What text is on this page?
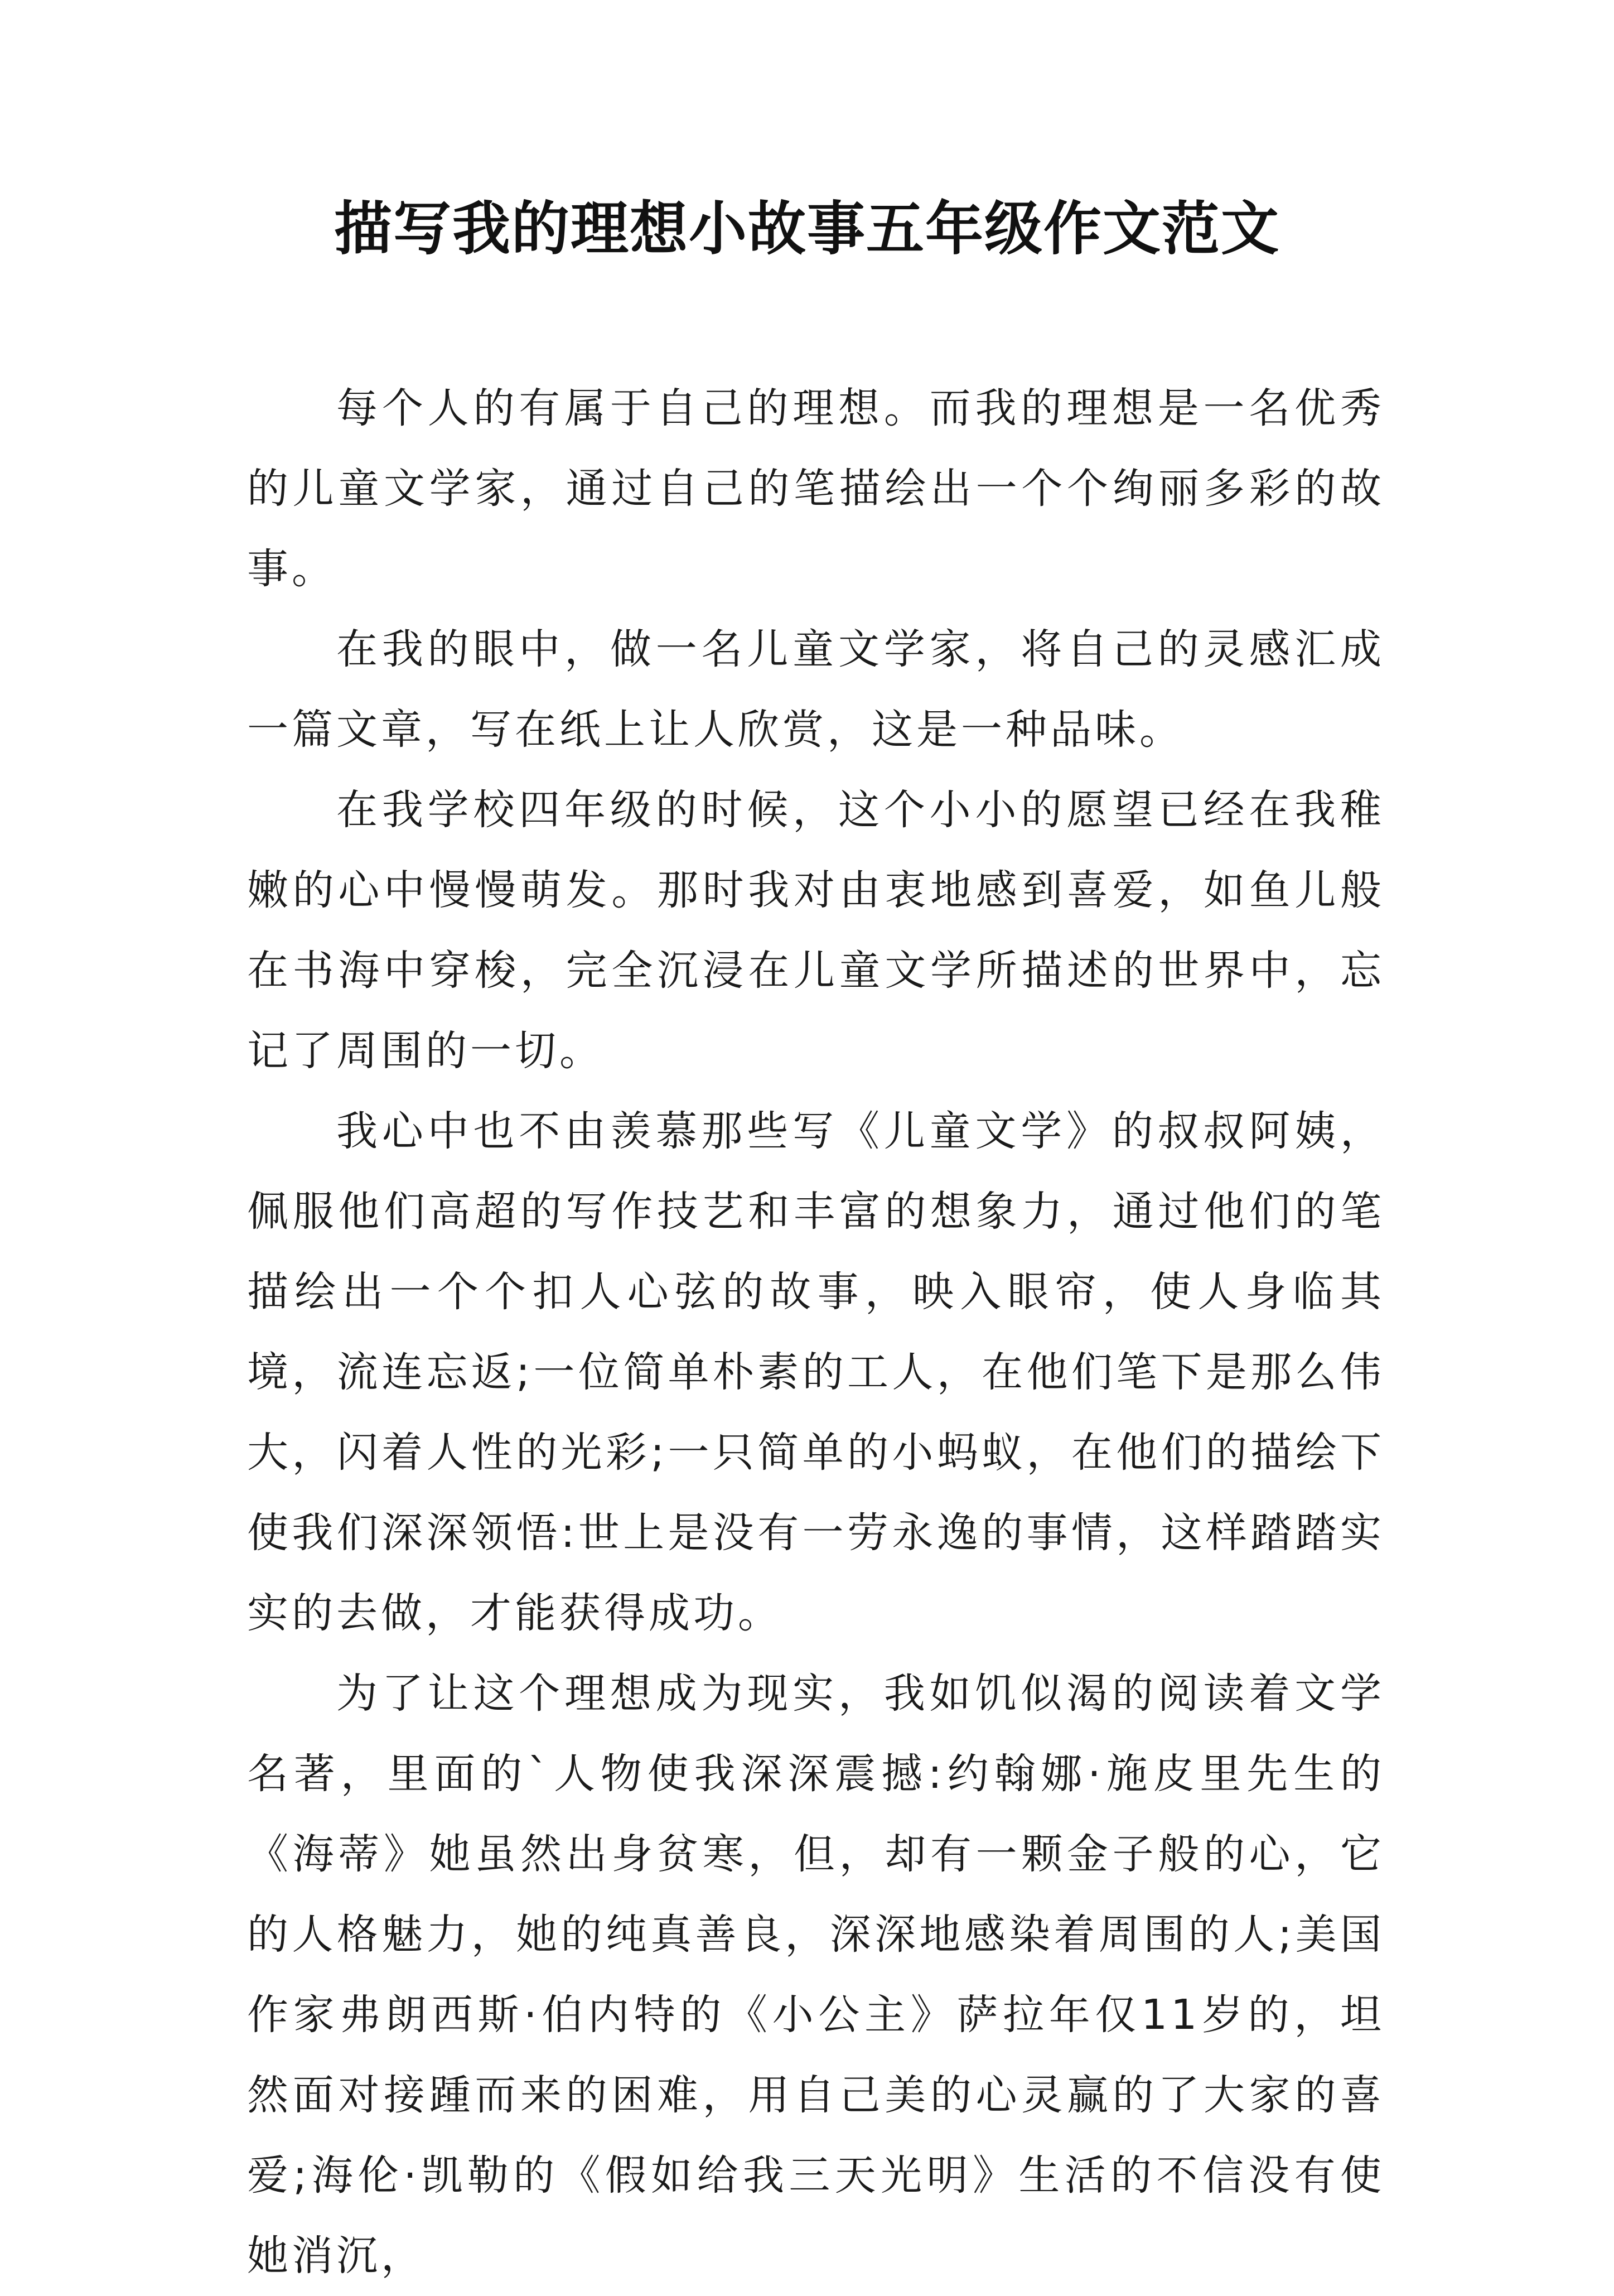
描写我的理想小故事五年级作文范文

每个人的有属于自己的理想。而我的理想是一名优秀的儿童文学家，通过自己的笔描绘出一个个绚丽多彩的故事。

在我的眼中，做一名儿童文学家，将自己的灵感汇成一篇文章，写在纸上让人欣赏，这是一种品味。

在我学校四年级的时候，这个小小的愿望已经在我稚嫩的心中慢慢萌发。那时我对由衷地感到喜爱，如鱼儿般在书海中穿梭，完全沉浸在儿童文学所描述的世界中，忘记了周围的一切。

我心中也不由羡慕那些写《儿童文学》的叔叔阿姨，佩服他们高超的写作技艺和丰富的想象力，通过他们的笔描绘出一个个扣人心弦的故事，映入眼帘，使人身临其境，流连忘返;一位简单朴素的工人，在他们笔下是那么伟大，闪着人性的光彩;一只简单的小蚂蚁，在他们的描绘下使我们深深领悟:世上是没有一劳永逸的事情，这样踏踏实实的去做，才能获得成功。

为了让这个理想成为现实，我如饥似渴的阅读着文学名著，里面的`人物使我深深震撼:约翰娜·施皮里先生的《海蒂》她虽然出身贫寒，但，却有一颗金子般的心，它的人格魅力，她的纯真善良，深深地感染着周围的人;美国作家弗朗西斯·伯内特的《小公主》萨拉年仅11岁的，坦然面对接踵而来的困难，用自己美的心灵赢的了大家的喜爱;海伦·凯勒的《假如给我三天光明》生活的不信没有使她消沉，
